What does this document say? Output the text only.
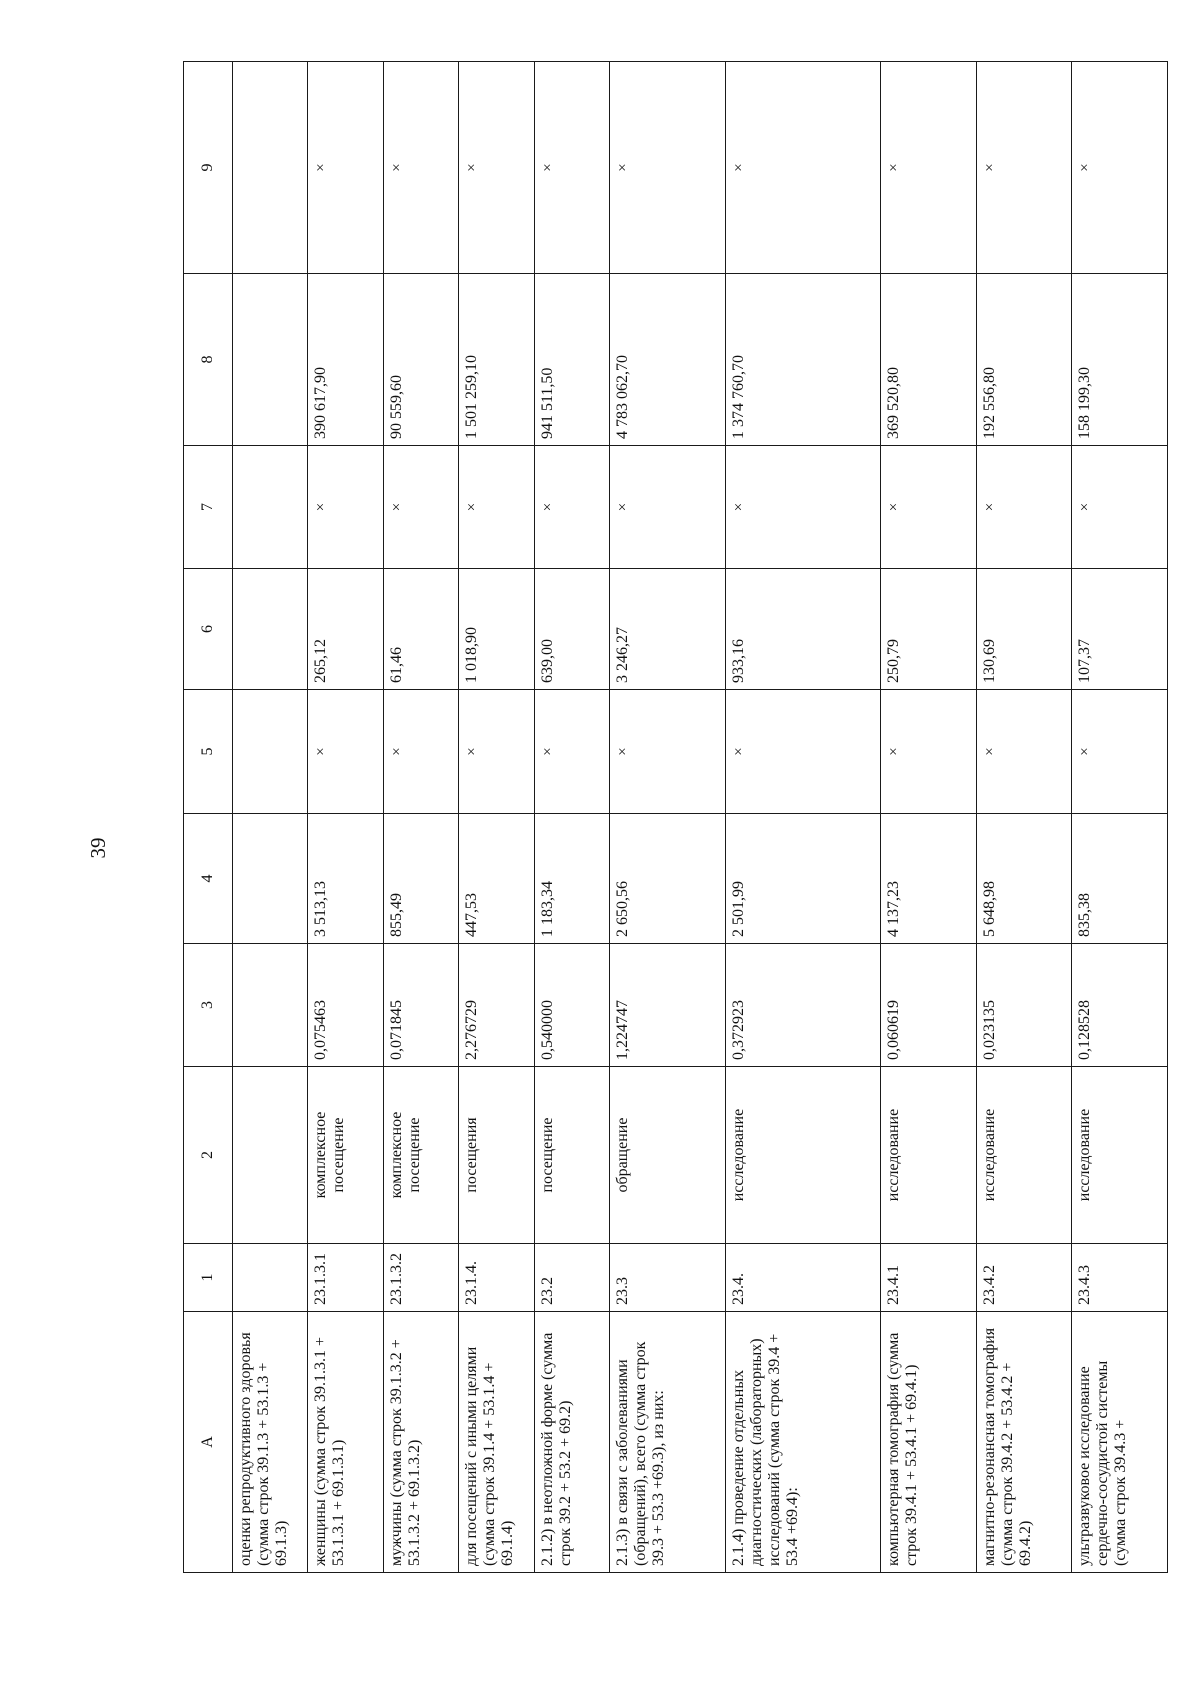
39
А	1	2	3	4	5	6	7	8	9
оценки репродуктивного здоровья (сумма строк 39.1.3 + 53.1.3 + 69.1.3)									
женщины (сумма строк 39.1.3.1 + 53.1.3.1 + 69.1.3.1)	23.1.3.1	комплексное посещение	0,075463	3 513,13	×	265,12	×	390 617,90	×
мужчины (сумма строк 39.1.3.2 + 53.1.3.2 + 69.1.3.2)	23.1.3.2	комплексное посещение	0,071845	855,49	×	61,46	×	90 559,60	×
для посещений с иными целями (сумма строк 39.1.4 + 53.1.4 + 69.1.4)	23.1.4.	посещения	2,276729	447,53	×	1 018,90	×	1 501 259,10	×
2.1.2) в неотложной форме (сумма строк 39.2 + 53.2 + 69.2)	23.2	посещение	0,540000	1 183,34	×	639,00	×	941 511,50	×
2.1.3) в связи с заболеваниями (обращений), всего (сумма строк 39.3 + 53.3 +69.3), из них:	23.3	обращение	1,224747	2 650,56	×	3 246,27	×	4 783 062,70	×
2.1.4) проведение отдельных диагностических (лабораторных) исследований (сумма строк 39.4 + 53.4 +69.4):	23.4.	исследование	0,372923	2 501,99	×	933,16	×	1 374 760,70	×
компьютерная томография (сумма строк 39.4.1 + 53.4.1 + 69.4.1)	23.4.1	исследование	0,060619	4 137,23	×	250,79	×	369 520,80	×
магнитно-резонансная томография (сумма строк 39.4.2 + 53.4.2 + 69.4.2)	23.4.2	исследование	0,023135	5 648,98	×	130,69	×	192 556,80	×
ультразвуковое исследование сердечно-сосудистой системы (сумма строк 39.4.3 +	23.4.3	исследование	0,128528	835,38	×	107,37	×	158 199,30	×
